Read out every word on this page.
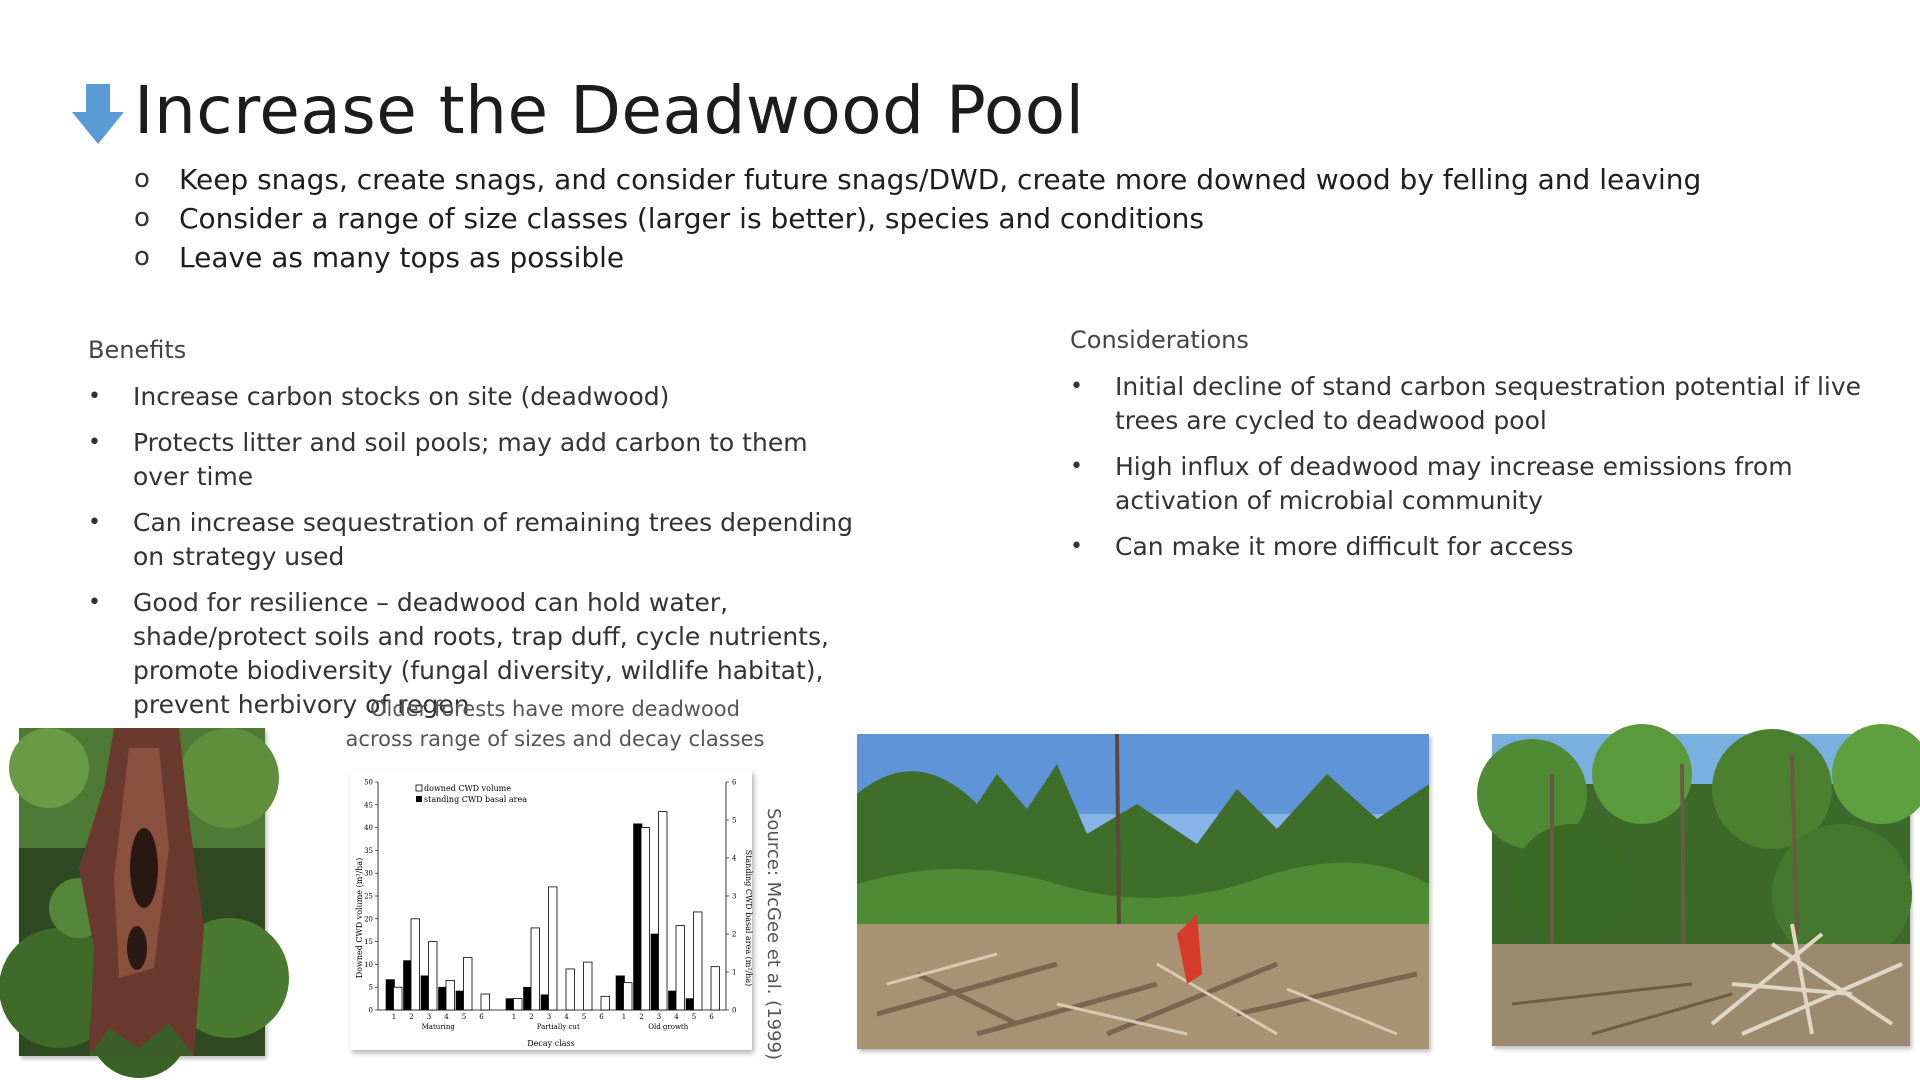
Increase the Deadwood Pool
o Keep snags, create snags, and consider future snags/DWD, create more downed wood by felling and leaving
o Consider a range of size classes (larger is better), species and conditions
o Leave as many tops as possible
Benefits
• Increase carbon stocks on site (deadwood)
• Protects litter and soil pools; may add carbon to them over time
• Can increase sequestration of remaining trees depending on strategy used
• Good for resilience – deadwood can hold water, shade/protect soils and roots, trap duff, cycle nutrients, promote biodiversity (fungal diversity, wildlife habitat), prevent herbivory of regen
Considerations
• Initial decline of stand carbon sequestration potential if live trees are cycled to deadwood pool
• High influx of deadwood may increase emissions from activation of microbial community
• Can make it more difficult for access
Older forests have more deadwood
across range of sizes and decay classes
downed CWD volume
standing CWD basal area
Downed CWD volume (m³/ha)	Standing CWD basal area (m²/ha)
Decay class
0
5
10
15
20
25
30
35
40
45
50
0
1
2
3
4
5
6
1 2 3 4 5 6
Maturing
1 2 3 4 5 6
Partially cut
1 2 3 4 5 6
Old growth	Source: McGee et al. (1999)
